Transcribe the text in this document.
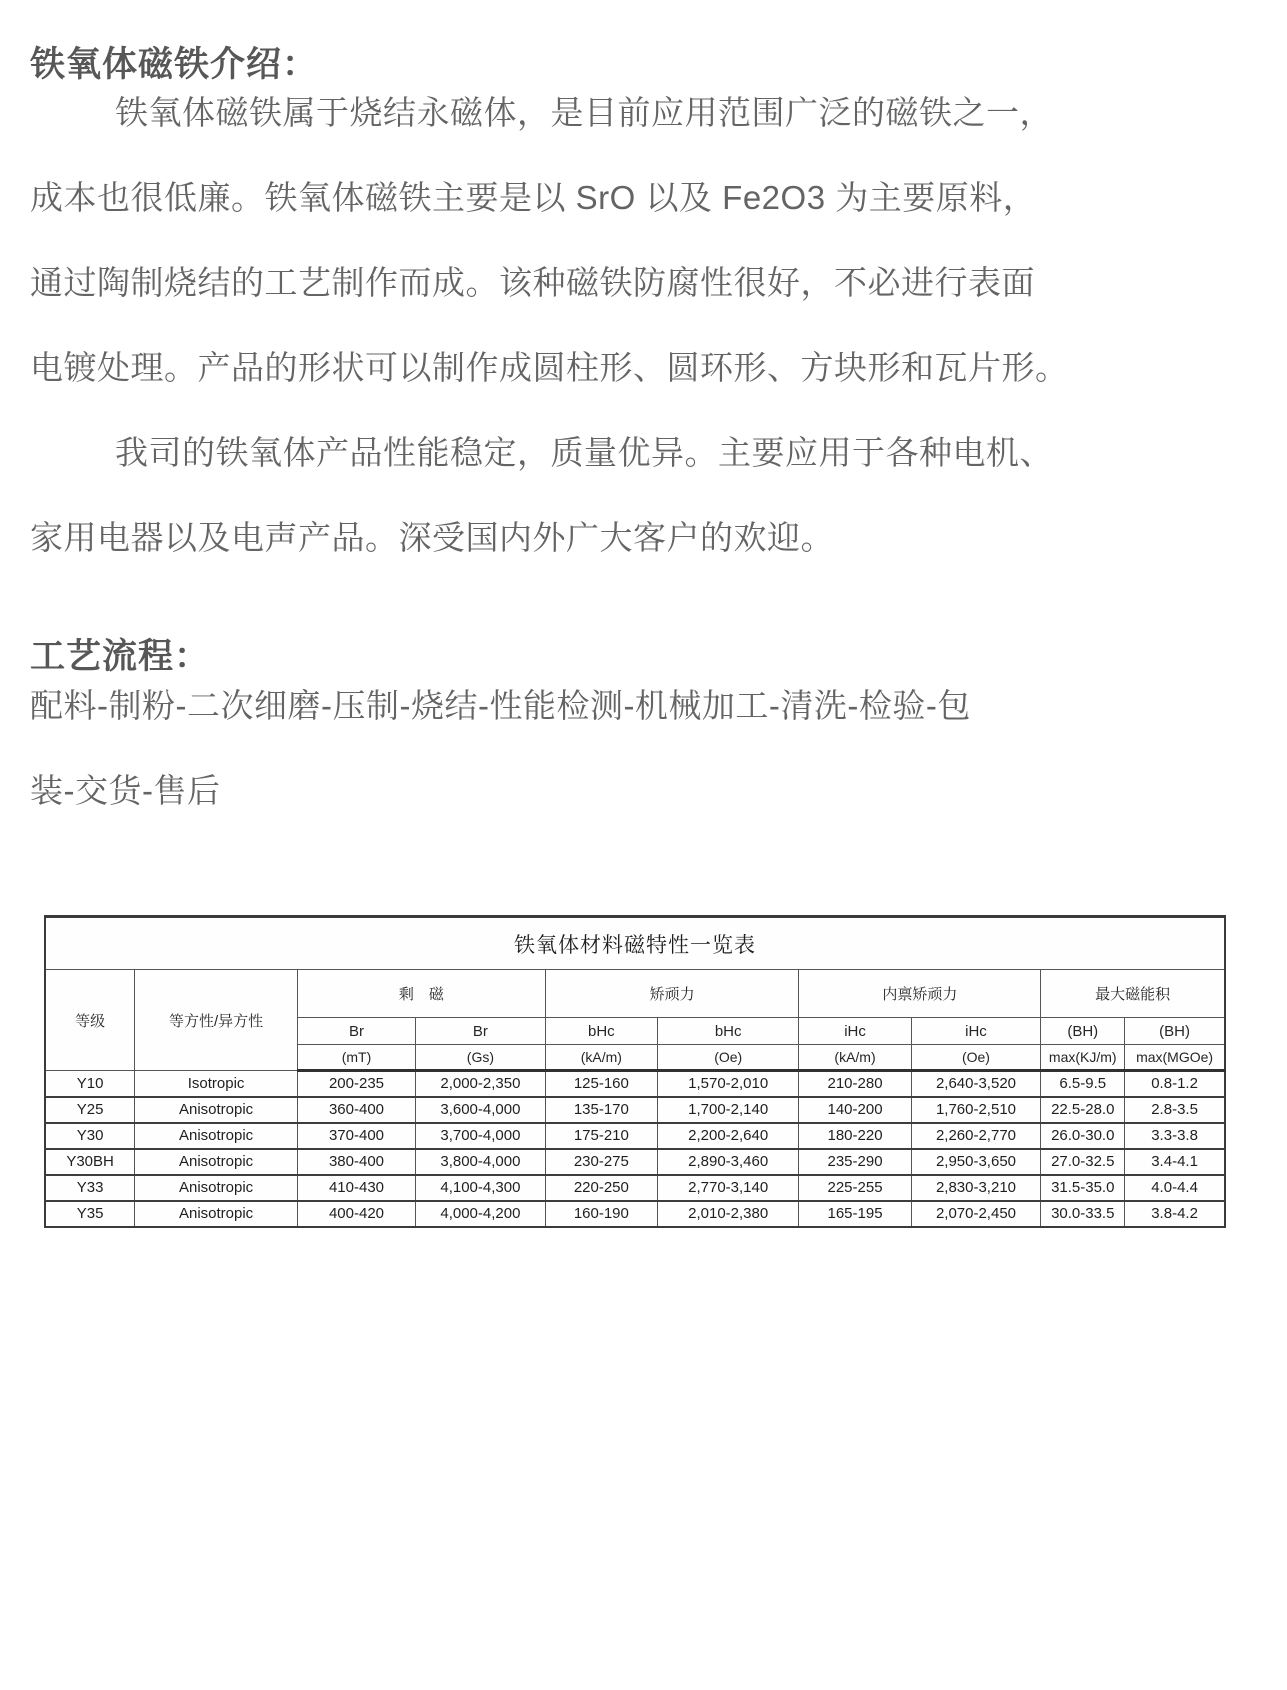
铁氧体磁铁介绍：
铁氧体磁铁属于烧结永磁体，是目前应用范围广泛的磁铁之一，
成本也很低廉。铁氧体磁铁主要是以 SrO 以及 Fe2O3 为主要原料，
通过陶制烧结的工艺制作而成。该种磁铁防腐性很好，不必进行表面
电镀处理。产品的形状可以制作成圆柱形、圆环形、方块形和瓦片形。
我司的铁氧体产品性能稳定，质量优异。主要应用于各种电机、
家用电器以及电声产品。深受国内外广大客户的欢迎。
工艺流程：
配料-制粉-二次细磨-压制-烧结-性能检测-机械加工-清洗-检验-包
装-交货-售后
铁氧体材料磁特性一览表									
等级	等方性/异方性	剩　磁		矫顽力		内禀矫顽力		最大磁能积	
		Br	Br	bHc	bHc	iHc	iHc	(BH)	(BH)
		(mT)	(Gs)	(kA/m)	(Oe)	(kA/m)	(Oe)	max(KJ/m)	max(MGOe)
Y10	Isotropic	200-235	2,000-2,350	125-160	1,570-2,010	210-280	2,640-3,520	6.5-9.5	0.8-1.2
Y25	Anisotropic	360-400	3,600-4,000	135-170	1,700-2,140	140-200	1,760-2,510	22.5-28.0	2.8-3.5
Y30	Anisotropic	370-400	3,700-4,000	175-210	2,200-2,640	180-220	2,260-2,770	26.0-30.0	3.3-3.8
Y30BH	Anisotropic	380-400	3,800-4,000	230-275	2,890-3,460	235-290	2,950-3,650	27.0-32.5	3.4-4.1
Y33	Anisotropic	410-430	4,100-4,300	220-250	2,770-3,140	225-255	2,830-3,210	31.5-35.0	4.0-4.4
Y35	Anisotropic	400-420	4,000-4,200	160-190	2,010-2,380	165-195	2,070-2,450	30.0-33.5	3.8-4.2
